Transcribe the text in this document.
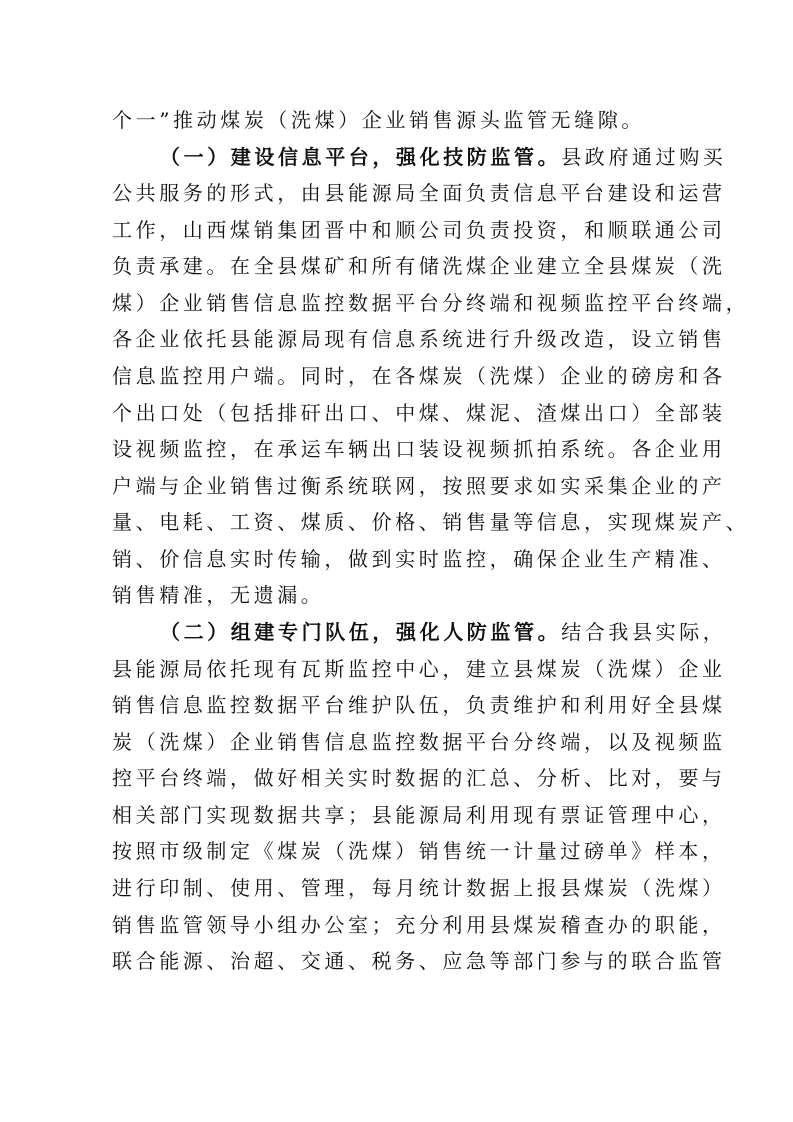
个一”推动煤炭（洗煤）企业销售源头监管无缝隙。
（一）建设信息平台，强化技防监管。县政府通过购买
公共服务的形式，由县能源局全面负责信息平台建设和运营
工作，山西煤销集团晋中和顺公司负责投资，和顺联通公司
负责承建。在全县煤矿和所有储洗煤企业建立全县煤炭（洗
煤）企业销售信息监控数据平台分终端和视频监控平台终端，
各企业依托县能源局现有信息系统进行升级改造，设立销售
信息监控用户端。同时，在各煤炭（洗煤）企业的磅房和各
个出口处（包括排矸出口、中煤、煤泥、渣煤出口）全部装
设视频监控，在承运车辆出口装设视频抓拍系统。各企业用
户端与企业销售过衡系统联网，按照要求如实采集企业的产
量、电耗、工资、煤质、价格、销售量等信息，实现煤炭产、
销、价信息实时传输，做到实时监控，确保企业生产精准、
销售精准，无遗漏。
（二）组建专门队伍，强化人防监管。结合我县实际，
县能源局依托现有瓦斯监控中心，建立县煤炭（洗煤）企业
销售信息监控数据平台维护队伍，负责维护和利用好全县煤
炭（洗煤）企业销售信息监控数据平台分终端，以及视频监
控平台终端，做好相关实时数据的汇总、分析、比对，要与
相关部门实现数据共享；县能源局利用现有票证管理中心，
按照市级制定《煤炭（洗煤）销售统一计量过磅单》样本，
进行印制、使用、管理，每月统计数据上报县煤炭（洗煤）
销售监管领导小组办公室；充分利用县煤炭稽查办的职能，
联合能源、治超、交通、税务、应急等部门参与的联合监管
